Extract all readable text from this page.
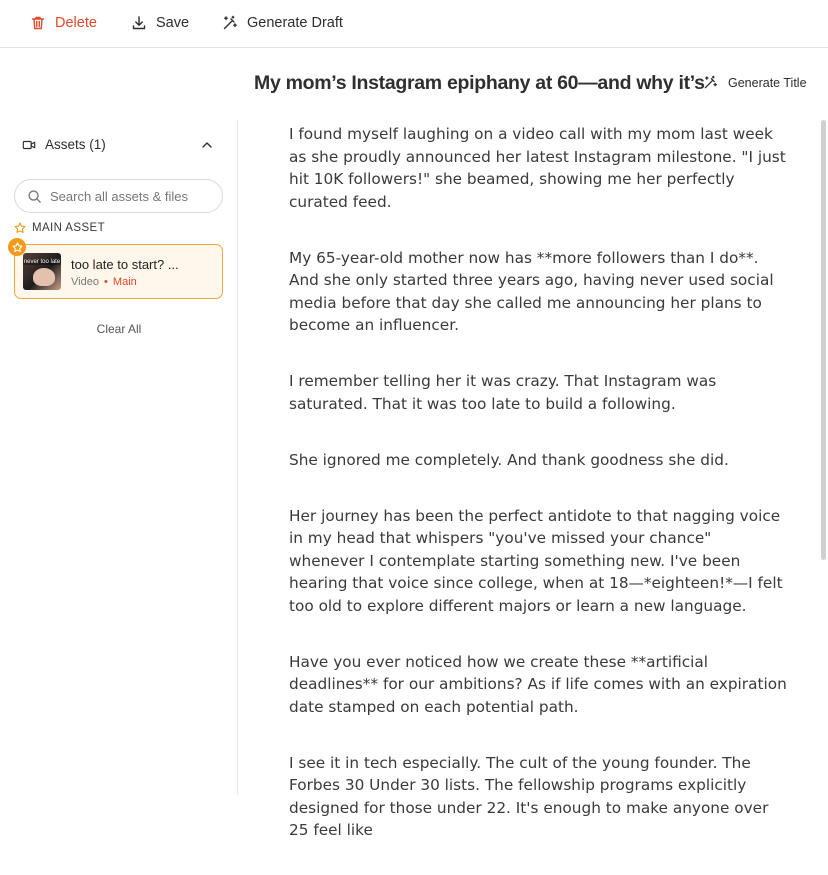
Delete	Save	Generate Draft
My mom’s Instagram epiphany at 60—and why it’s Generate Title
Assets (1)
Search all assets & files
MAIN ASSET
never too late too late to start? ...
Video • Main
Clear All

I found myself laughing on a video call with my mom last week as she proudly announced her latest Instagram milestone. "I just hit 10K followers!" she beamed, showing me her perfectly curated feed.

My 65-year-old mother now has **more followers than I do**. And she only started three years ago, having never used social media before that day she called me announcing her plans to become an influencer.

I remember telling her it was crazy. That Instagram was saturated. That it was too late to build a following.

She ignored me completely. And thank goodness she did.

Her journey has been the perfect antidote to that nagging voice in my head that whispers "you've missed your chance" whenever I contemplate starting something new. I've been hearing that voice since college, when at 18—*eighteen!*—I felt too old to explore different majors or learn a new language.

Have you ever noticed how we create these **artificial deadlines** for our ambitions? As if life comes with an expiration date stamped on each potential path.

I see it in tech especially. The cult of the young founder. The Forbes 30 Under 30 lists. The fellowship programs explicitly designed for those under 22. It's enough to make anyone over 25 feel like
